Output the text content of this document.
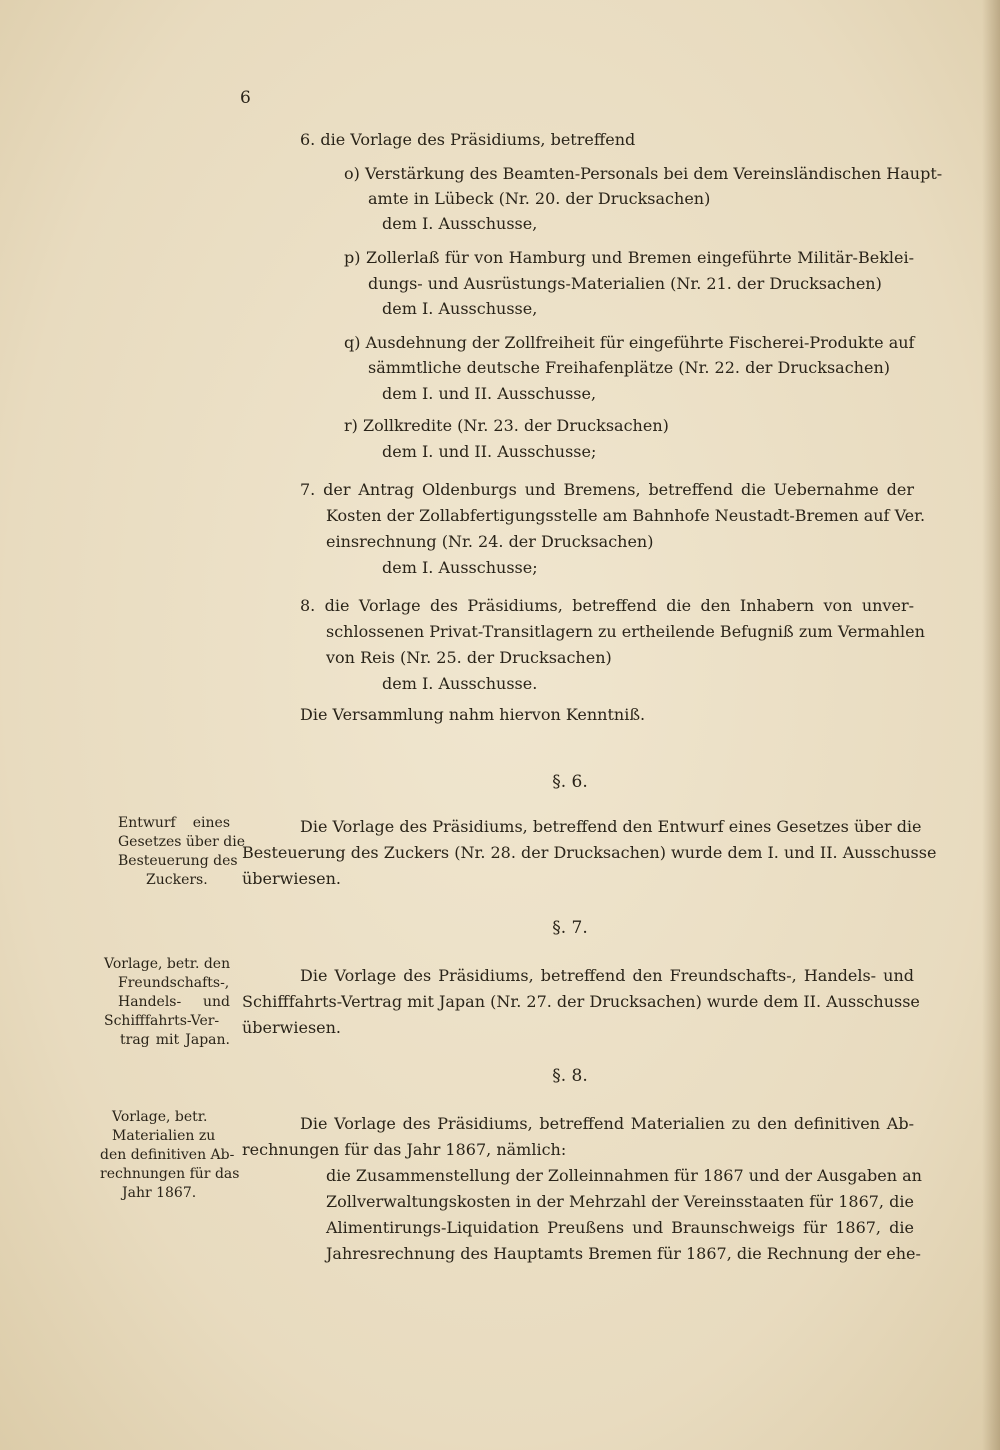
6
6. die Vorlage des Präsidiums, betreffend
o) Verstärkung des Beamten-Personals bei dem Vereinsländischen Haupt-
amte in Lübeck (Nr. 20. der Drucksachen)
dem I. Ausschusse,
p) Zollerlaß für von Hamburg und Bremen eingeführte Militär-Beklei-
dungs- und Ausrüstungs-Materialien (Nr. 21. der Drucksachen)
dem I. Ausschusse,
q) Ausdehnung der Zollfreiheit für eingeführte Fischerei-Produkte auf
sämmtliche deutsche Freihafenplätze (Nr. 22. der Drucksachen)
dem I. und II. Ausschusse,
r) Zollkredite (Nr. 23. der Drucksachen)
dem I. und II. Ausschusse;
7. der Antrag Oldenburgs und Bremens, betreffend die Uebernahme der
Kosten der Zollabfertigungsstelle am Bahnhofe Neustadt-Bremen auf Ver.
einsrechnung (Nr. 24. der Drucksachen)
dem I. Ausschusse;
8. die Vorlage des Präsidiums, betreffend die den Inhabern von unver-
schlossenen Privat-Transitlagern zu ertheilende Befugniß zum Vermahlen
von Reis (Nr. 25. der Drucksachen)
dem I. Ausschusse.
Die Versammlung nahm hiervon Kenntniß.
§. 6.
Entwurf eines
Gesetzes über die
Besteuerung des
Zuckers.
Die Vorlage des Präsidiums, betreffend den Entwurf eines Gesetzes über die
Besteuerung des Zuckers (Nr. 28. der Drucksachen) wurde dem I. und II. Ausschusse
überwiesen.
§. 7.
Vorlage, betr. den
Freundschafts-,
Handels- und
Schifffahrts-Ver-
trag mit Japan.
Die Vorlage des Präsidiums, betreffend den Freundschafts-, Handels- und
Schifffahrts-Vertrag mit Japan (Nr. 27. der Drucksachen) wurde dem II. Ausschusse
überwiesen.
§. 8.
Vorlage, betr.
Materialien zu
den definitiven Ab-
rechnungen für das
Jahr 1867.
Die Vorlage des Präsidiums, betreffend Materialien zu den definitiven Ab-
rechnungen für das Jahr 1867, nämlich:
die Zusammenstellung der Zolleinnahmen für 1867 und der Ausgaben an
Zollverwaltungskosten in der Mehrzahl der Vereinsstaaten für 1867, die
Alimentirungs-Liquidation Preußens und Braunschweigs für 1867, die
Jahresrechnung des Hauptamts Bremen für 1867, die Rechnung der ehe-
